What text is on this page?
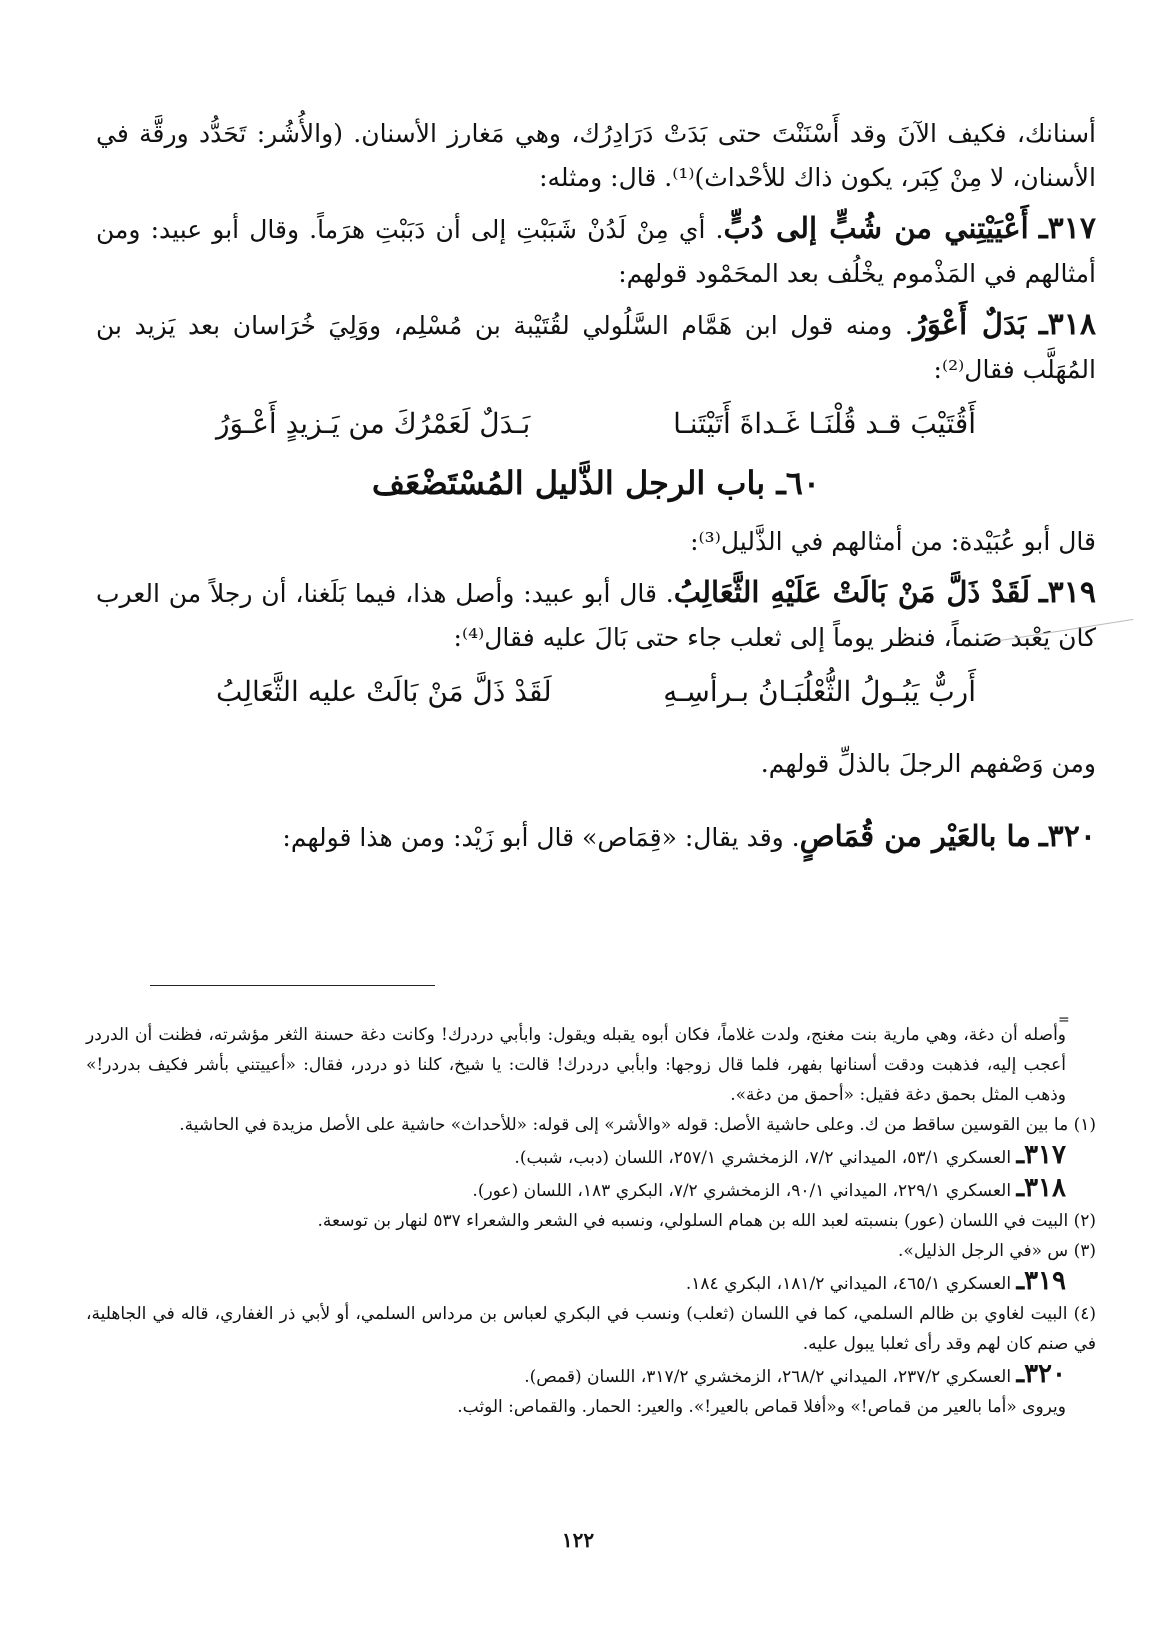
أسنانك، فكيف الآنَ وقد أَسْنَنْتَ حتى بَدَتْ دَرَادِرُك، وهي مَغارز الأسنان. (والأُشُر: تَحَدُّد ورقَّة في الأسنان، لا مِنْ كِبَر، يكون ذاك للأحْداث)⁽¹⁾. قال: ومثله:

٣١٧ـ أَعْيَيْتِني من شُبٍّ إلى دُبٍّ. أي مِنْ لَدُنْ شَبَبْتِ إلى أن دَبَبْتِ هرَماً. وقال أبو عبيد: ومن أمثالهم في المَذْموم يخْلُف بعد المحَمْود قولهم:

٣١٨ـ بَدَلٌ أَعْوَرُ. ومنه قول ابن هَمَّام السَّلُولي لقُتَيْبة بن مُسْلِم، ووَلِيَ خُرَاسان بعد يَزيد بن المُهَلَّب فقال⁽²⁾:

أَقُتَيْبَ قـد قُلْنَـا غَـداةَ أَتَيْتَنـا
بَـدَلٌ لَعَمْرُكَ من يَـزيدٍ أَعْـوَرُ
٦٠ـ باب الرجل الذَّليل المُسْتَضْعَف

قال أبو عُبَيْدة: من أمثالهم في الذَّليل⁽³⁾:

٣١٩ـ لَقَدْ ذَلَّ مَنْ بَالَتْ عَلَيْهِ الثَّعَالِبُ. قال أبو عبيد: وأصل هذا، فيما بَلَغنا، أن رجلاً من العرب كان يَعْبد صَنماً، فنظر يوماً إلى ثعلب جاء حتى بَالَ عليه فقال⁽⁴⁾:

أَربٌّ يَبُـولُ الثُّعْلُبَـانُ بـرأسِـهِ
لَقَدْ ذَلَّ مَنْ بَالَتْ عليه الثَّعَالِبُ

ومن وَصْفهم الرجلَ بالذلِّ قولهم.

٣٢٠ـ ما بالعَيْر من قُمَاصٍ. وقد يقال: «قِمَاص» قال أبو زَيْد: ومن هذا قولهم:

=

وأصله أن دغة، وهي مارية بنت مغنج، ولدت غلاماً، فكان أبوه يقبله ويقول: وابأبي دردرك! وكانت دغة حسنة الثغر مؤشرته، فظنت أن الدردر أعجب إليه، فذهبت ودقت أسنانها بفهر، فلما قال زوجها: وابأبي دردرك! قالت: يا شيخ، كلنا ذو دردر، فقال: «أعييتني بأشر فكيف بدردر!» وذهب المثل بحمق دغة فقيل: «أحمق من دغة».

(١) ما بين القوسين ساقط من ك. وعلى حاشية الأصل: قوله «والأشر» إلى قوله: «للأحداث» حاشية على الأصل مزيدة في الحاشية.

٣١٧ـ العسكري ٥٣/١، الميداني ٧/٢، الزمخشري ٢٥٧/١، اللسان (دبب، شبب).

٣١٨ـ العسكري ٢٢٩/١، الميداني ٩٠/١، الزمخشري ٧/٢، البكري ١٨٣، اللسان (عور).

(٢) البيت في اللسان (عور) بنسبته لعبد الله بن همام السلولي، ونسبه في الشعر والشعراء ٥٣٧ لنهار بن توسعة.

(٣) س «في الرجل الذليل».

٣١٩ـ العسكري ٤٦٥/١، الميداني ١٨١/٢، البكري ١٨٤.

(٤) البيت لغاوي بن ظالم السلمي، كما في اللسان (ثعلب) ونسب في البكري لعباس بن مرداس السلمي، أو لأبي ذر الغفاري، قاله في الجاهلية، في صنم كان لهم وقد رأى ثعلبا يبول عليه.

٣٢٠ـ العسكري ٢٣٧/٢، الميداني ٢٦٨/٢، الزمخشري ٣١٧/٢، اللسان (قمص).

ويروى «أما بالعير من قماص!» و«أفلا قماص بالعير!». والعير: الحمار. والقماص: الوثب.

١٢٢
